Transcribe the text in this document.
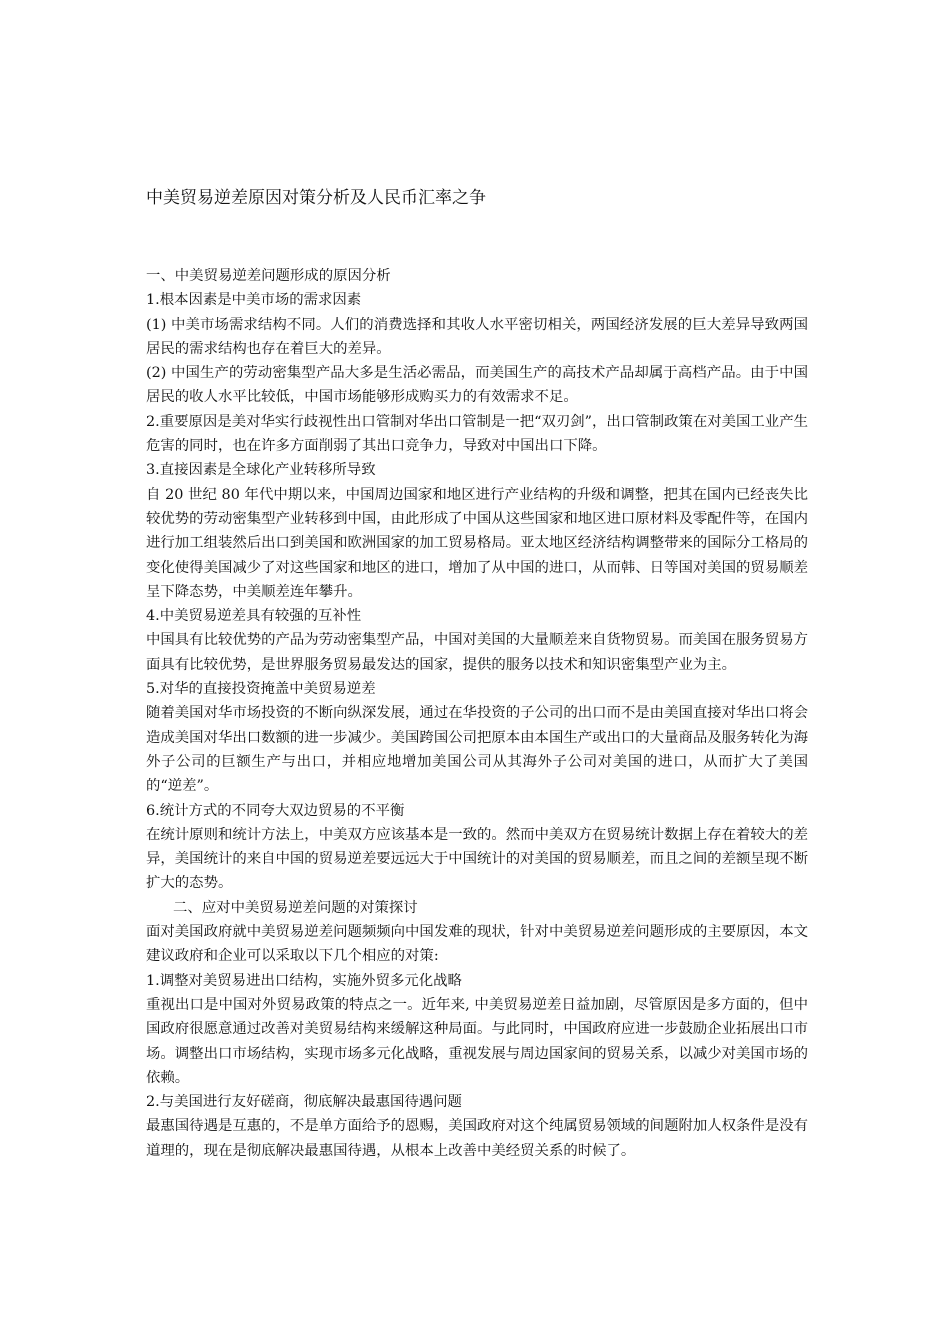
中美贸易逆差原因对策分析及人民币汇率之争

一、中美贸易逆差问题形成的原因分析

1.根本因素是中美市场的需求因素

(1) 中美市场需求结构不同。人们的消费选择和其收人水平密切相关，两国经济发展的巨大差异导致两国居民的需求结构也存在着巨大的差异。

(2) 中国生产的劳动密集型产品大多是生活必需品，而美国生产的高技术产品却属于高档产品。由于中国居民的收人水平比较低，中国市场能够形成购买力的有效需求不足。

2.重要原因是美对华实行歧视性出口管制对华出口管制是一把“双刃剑”，出口管制政策在对美国工业产生危害的同时，也在许多方面削弱了其出口竞争力，导致对中国出口下降。

3.直接因素是全球化产业转移所导致

自 20 世纪 80 年代中期以来，中国周边国家和地区进行产业结构的升级和调整，把其在国内已经丧失比较优势的劳动密集型产业转移到中国，由此形成了中国从这些国家和地区进口原材料及零配件等，在国内进行加工组装然后出口到美国和欧洲国家的加工贸易格局。亚太地区经济结构调整带来的国际分工格局的变化使得美国减少了对这些国家和地区的进口，增加了从中国的进口，从而韩、日等国对美国的贸易顺差呈下降态势，中美顺差连年攀升。

4.中美贸易逆差具有较强的互补性

中国具有比较优势的产品为劳动密集型产品，中国对美国的大量顺差来自货物贸易。而美国在服务贸易方面具有比较优势，是世界服务贸易最发达的国家，提供的服务以技术和知识密集型产业为主。

5.对华的直接投资掩盖中美贸易逆差

随着美国对华市场投资的不断向纵深发展，通过在华投资的子公司的出口而不是由美国直接对华出口将会造成美国对华出口数额的进一步减少。美国跨国公司把原本由本国生产或出口的大量商品及服务转化为海外子公司的巨额生产与出口，并相应地增加美国公司从其海外子公司对美国的进口，从而扩大了美国的“逆差”。

6.统计方式的不同夸大双边贸易的不平衡

在统计原则和统计方法上，中美双方应该基本是一致的。然而中美双方在贸易统计数据上存在着较大的差异，美国统计的来自中国的贸易逆差要远远大于中国统计的对美国的贸易顺差，而且之间的差额呈现不断扩大的态势。

二、应对中美贸易逆差问题的对策探讨

面对美国政府就中美贸易逆差问题频频向中国发难的现状，针对中美贸易逆差问题形成的主要原因，本文建议政府和企业可以采取以下几个相应的对策:

1.调整对美贸易进出口结构，实施外贸多元化战略

重视出口是中国对外贸易政策的特点之一。近年来, 中美贸易逆差日益加剧，尽管原因是多方面的，但中国政府很愿意通过改善对美贸易结构来缓解这种局面。与此同时，中国政府应进一步鼓励企业拓展出口市场。调整出口市场结构，实现市场多元化战略，重视发展与周边国家间的贸易关系，以减少对美国市场的依赖。

2.与美国进行友好磋商，彻底解决最惠国待遇问题

最惠国待遇是互惠的，不是单方面给予的恩赐，美国政府对这个纯属贸易领域的间题附加人权条件是没有道理的，现在是彻底解决最惠国待遇，从根本上改善中美经贸关系的时候了。
